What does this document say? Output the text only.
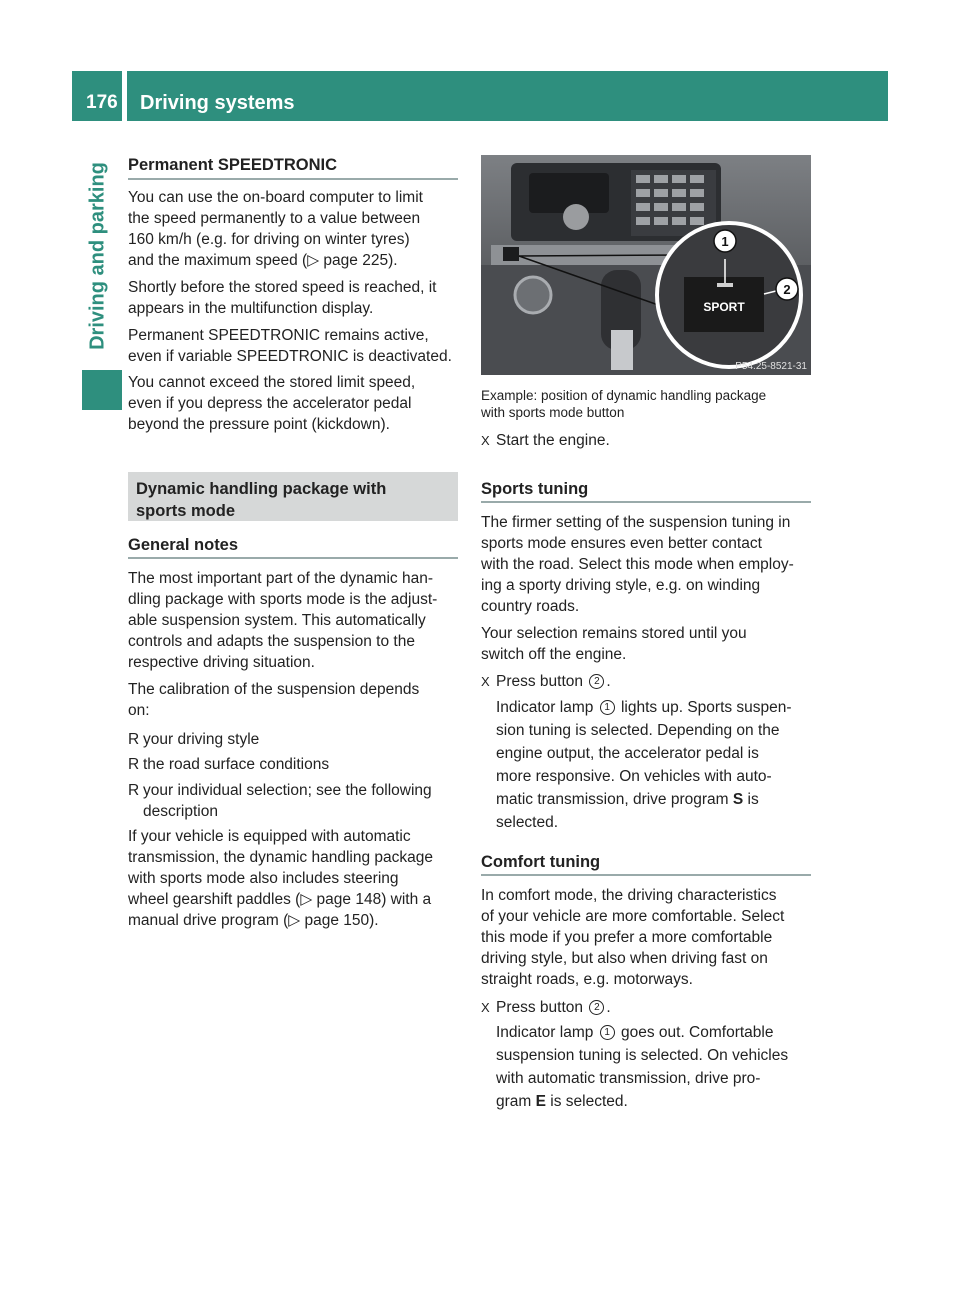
176 Driving systems
Driving and parking Permanent SPEEDTRONIC
You can use the on-board computer to limit
the speed permanently to a value between
160 km/h (e.g. for driving on winter tyres)
and the maximum speed (▷ page 225).
Shortly before the stored speed is reached, it
appears in the multifunction display.
Permanent SPEEDTRONIC remains active,
even if variable SPEEDTRONIC is deactivated.
You cannot exceed the stored limit speed,
even if you depress the accelerator pedal
beyond the pressure point (kickdown).
Dynamic handling package with
sports mode
General notes
The most important part of the dynamic han-
dling package with sports mode is the adjust-
able suspension system. This automatically
controls and adapts the suspension to the
respective driving situation.
The calibration of the suspension depends
on:
R your driving style
R the road surface conditions
R your individual selection; see the following
description
If your vehicle is equipped with automatic
transmission, the dynamic handling package
with sports mode also includes steering
wheel gearshift paddles (▷ page 148) with a
manual drive program (▷ page 150).
SPORT
1
2
P54.25-8521-31
Example: position of dynamic handling package
with sports mode button
X Start the engine.
Sports tuning
The firmer setting of the suspension tuning in
sports mode ensures even better contact
with the road. Select this mode when employ-
ing a sporty driving style, e.g. on winding
country roads.
Your selection remains stored until you
switch off the engine.
X Press button 2 .
Indicator lamp 1 lights up. Sports suspen-
sion tuning is selected. Depending on the
engine output, the accelerator pedal is
more responsive. On vehicles with auto-
matic transmission, drive program S is
selected.
Comfort tuning
In comfort mode, the driving characteristics
of your vehicle are more comfortable. Select
this mode if you prefer a more comfortable
driving style, but also when driving fast on
straight roads, e.g. motorways.
X Press button 2 .
Indicator lamp 1 goes out. Comfortable
suspension tuning is selected. On vehicles
with automatic transmission, drive pro-
gram E is selected.
